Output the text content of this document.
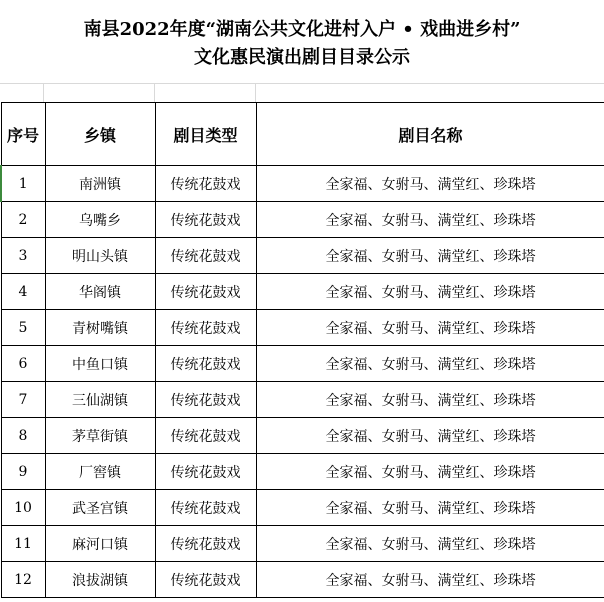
南县2022年度“湖南公共文化进村入户 • 戏曲进乡村”
文化惠民演出剧目目录公示
序号	乡镇	剧目类型	剧目名称
1	南洲镇	传统花鼓戏	全家福、女驸马、满堂红、珍珠塔
2	乌嘴乡	传统花鼓戏	全家福、女驸马、满堂红、珍珠塔
3	明山头镇	传统花鼓戏	全家福、女驸马、满堂红、珍珠塔
4	华阁镇	传统花鼓戏	全家福、女驸马、满堂红、珍珠塔
5	青树嘴镇	传统花鼓戏	全家福、女驸马、满堂红、珍珠塔
6	中鱼口镇	传统花鼓戏	全家福、女驸马、满堂红、珍珠塔
7	三仙湖镇	传统花鼓戏	全家福、女驸马、满堂红、珍珠塔
8	茅草街镇	传统花鼓戏	全家福、女驸马、满堂红、珍珠塔
9	厂窖镇	传统花鼓戏	全家福、女驸马、满堂红、珍珠塔
10	武圣宫镇	传统花鼓戏	全家福、女驸马、满堂红、珍珠塔
11	麻河口镇	传统花鼓戏	全家福、女驸马、满堂红、珍珠塔
12	浪拔湖镇	传统花鼓戏	全家福、女驸马、满堂红、珍珠塔
